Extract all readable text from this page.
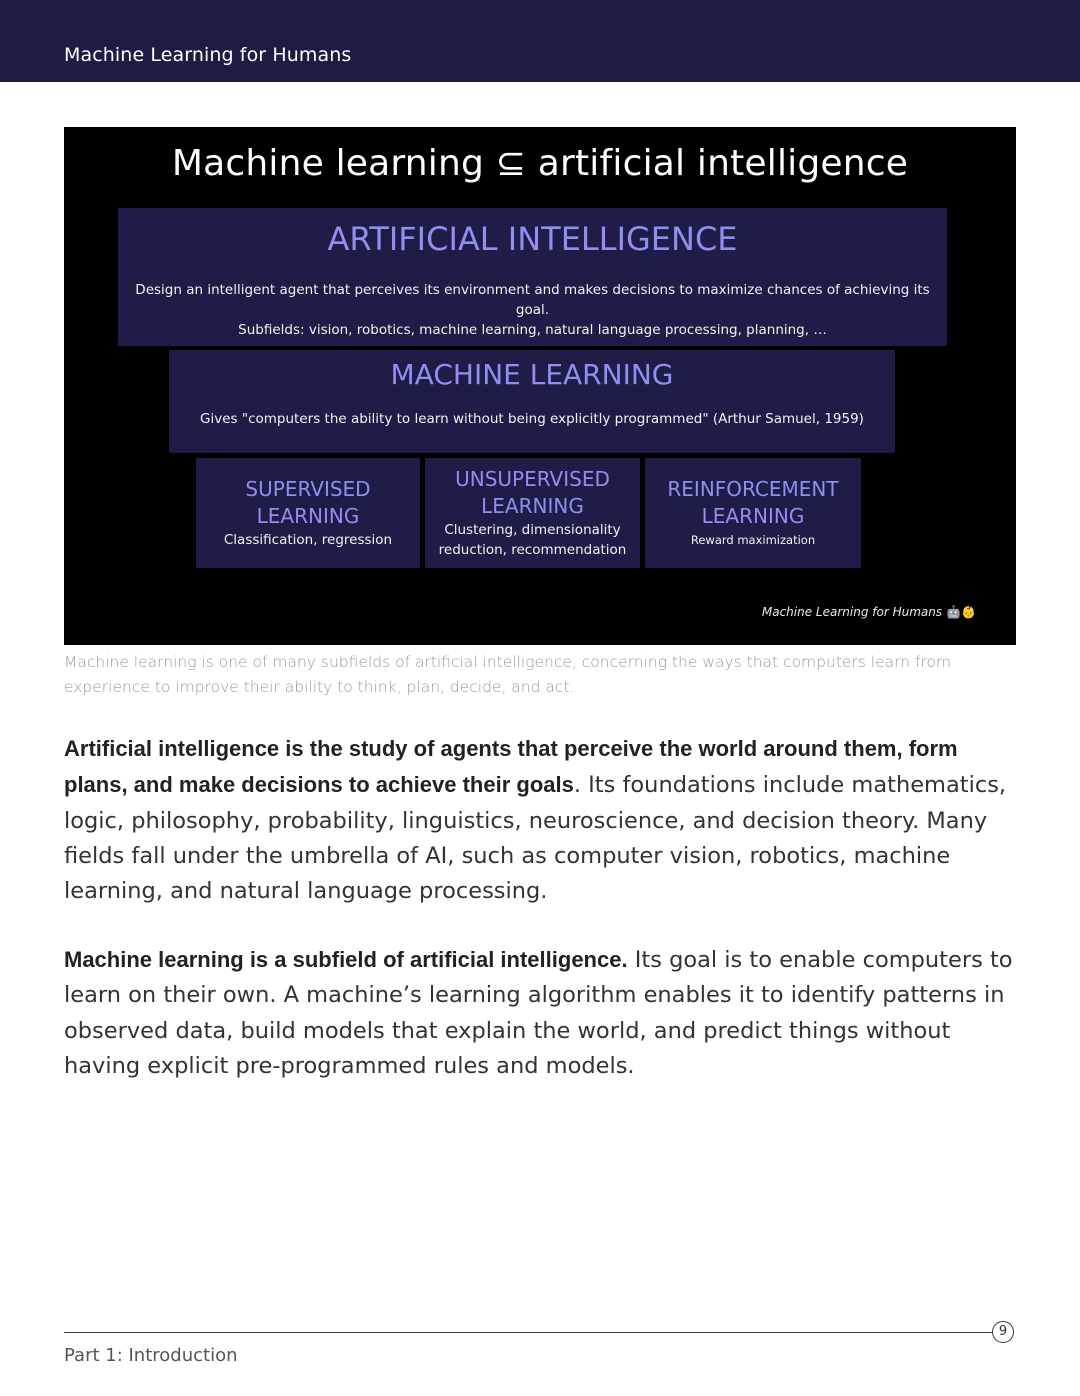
Machine Learning for Humans
Machine learning ⊆ artificial intelligence
ARTIFICIAL INTELLIGENCE
Design an intelligent agent that perceives its environment and makes decisions to maximize chances of achieving its goal.
Subfields: vision, robotics, machine learning, natural language processing, planning, …
MACHINE LEARNING
Gives "computers the ability to learn without being explicitly programmed" (Arthur Samuel, 1959)
SUPERVISED
LEARNING
Classification, regression
UNSUPERVISED
LEARNING
Clustering, dimensionality
reduction, recommendation
REINFORCEMENT
LEARNING
Reward maximization
Machine Learning for Humans 🤖👶
Machine learning is one of many subfields of artificial intelligence, concerning the ways that computers learn from experience to improve their ability to think, plan, decide, and act.
Artificial intelligence is the study of agents that perceive the world around them, form plans, and make decisions to achieve their goals. Its foundations include mathematics, logic, philosophy, probability, linguistics, neuroscience, and decision theory. Many fields fall under the umbrella of AI, such as computer vision, robotics, machine learning, and natural language processing.
Machine learning is a subfield of artificial intelligence. Its goal is to enable computers to learn on their own. A machine’s learning algorithm enables it to identify patterns in observed data, build models that explain the world, and predict things without having explicit pre-programmed rules and models.
9
Part 1: Introduction
